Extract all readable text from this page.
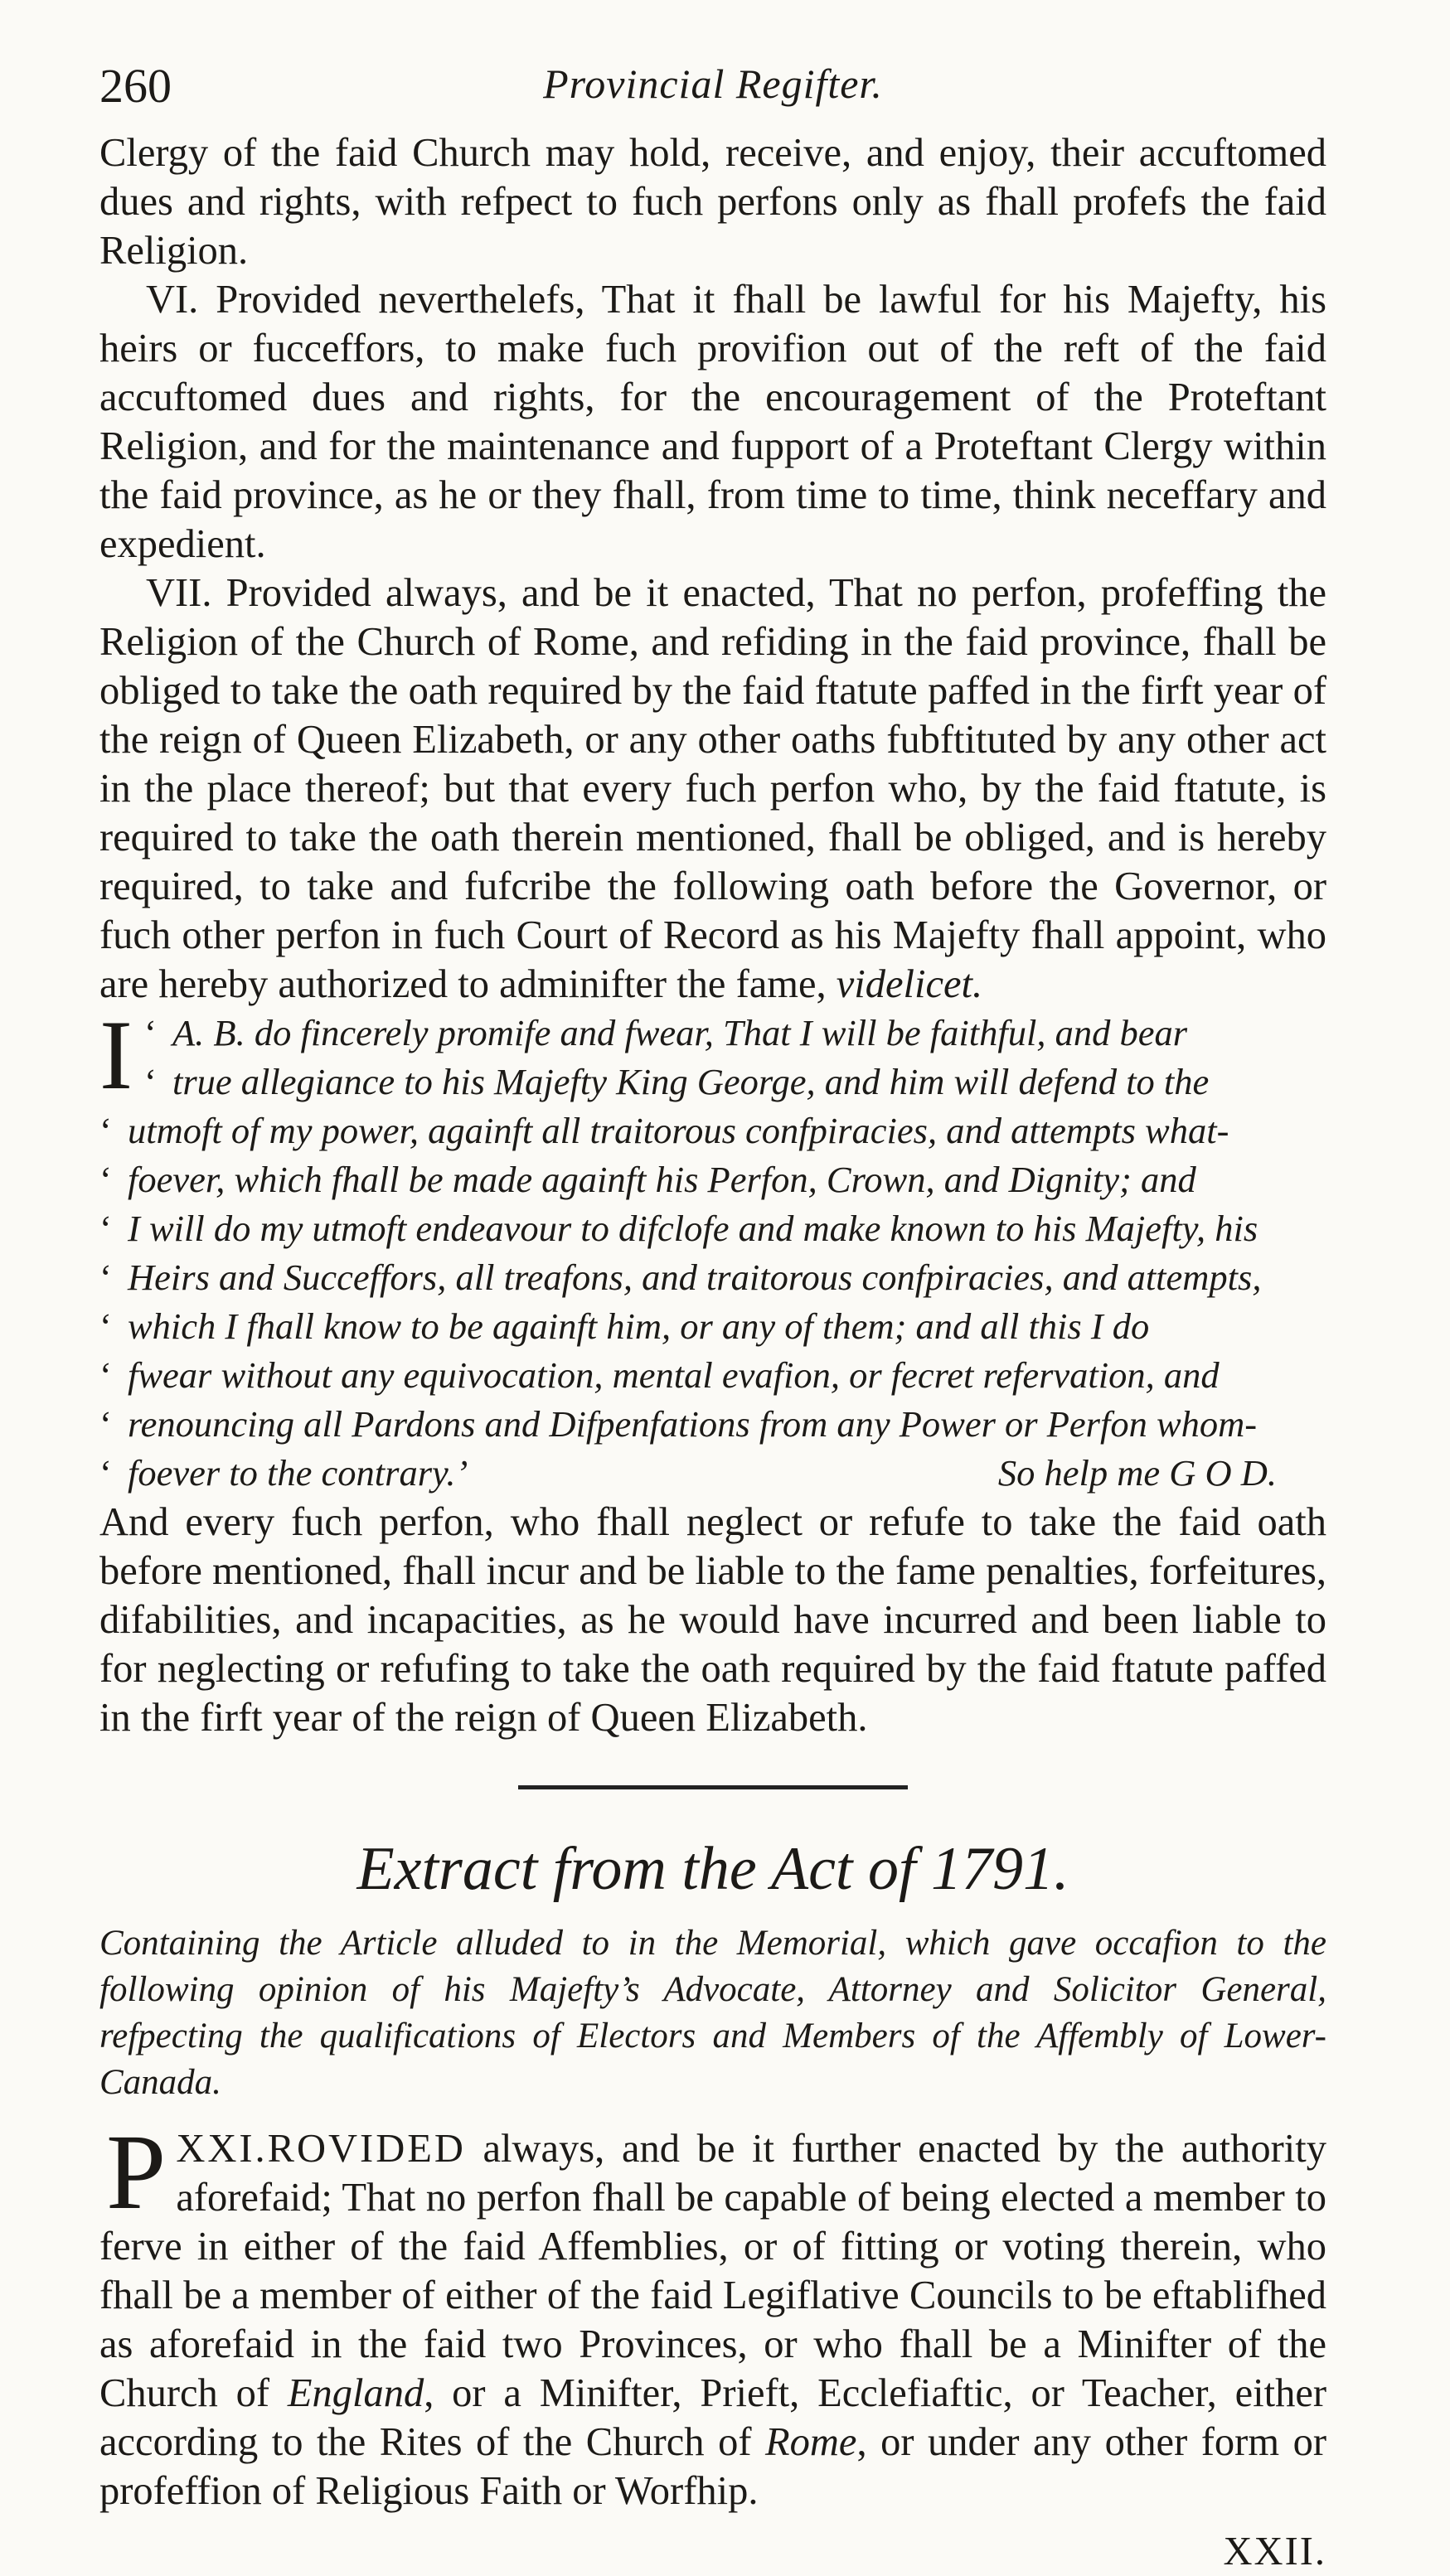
260	Provincial Regifter.

Clergy of the faid Church may hold, receive, and enjoy, their accuftomed dues and rights, with refpect to fuch perfons only as fhall profefs the faid Religion.

VI. Provided neverthelefs, That it fhall be lawful for his Majefty, his heirs or fucceffors, to make fuch provifion out of the reft of the faid accuftomed dues and rights, for the encouragement of the Proteftant Religion, and for the maintenance and fupport of a Proteftant Clergy within the faid province, as he or they fhall, from time to time, think neceffary and expedient.

VII. Provided always, and be it enacted, That no perfon, profeffing the Religion of the Church of Rome, and refiding in the faid province, fhall be obliged to take the oath required by the faid ftatute paffed in the firft year of the reign of Queen Elizabeth, or any other oaths fubftituted by any other act in the place thereof; but that every fuch perfon who, by the faid ftatute, is required to take the oath therein mentioned, fhall be obliged, and is hereby required, to take and fufcribe the following oath before the Governor, or fuch other perfon in fuch Court of Record as his Majefty fhall appoint, who are hereby authorized to adminifter the fame, videlicet.

I ‘ A. B. do fincerely promife and fwear, That I will be faithful, and bear
‘ true allegiance to his Majefty King George, and him will defend to the
‘ utmoft of my power, againft all traitorous confpiracies, and attempts what-
‘ foever, which fhall be made againft his Perfon, Crown, and Dignity; and
‘ I will do my utmoft endeavour to difclofe and make known to his Majefty, his
‘ Heirs and Succeffors, all treafons, and traitorous confpiracies, and attempts,
‘ which I fhall know to be againft him, or any of them; and all this I do
‘ fwear without any equivocation, mental evafion, or fecret refervation, and
‘ renouncing all Pardons and Difpenfations from any Power or Perfon whom-
‘ foever to the contrary.’	So help me G O D.

And every fuch perfon, who fhall neglect or refufe to take the faid oath before mentioned, fhall incur and be liable to the fame penalties, forfeitures, difabilities, and incapacities, as he would have incurred and been liable to for neglecting or refufing to take the oath required by the faid ftatute paffed in the firft year of the reign of Queen Elizabeth.

Extract from the Act of 1791.
Containing the Article alluded to in the Memorial, which gave occafion to the following opinion of his Majefty’s Advocate, Attorney and Solicitor General, refpecting the qualifications of Electors and Members of the Affembly of Lower-Canada.

XXI.
P	ROVIDED always, and be it further enacted by the authority aforefaid; That no perfon fhall be capable of being elected a member to ferve in either of the faid Affemblies, or of fitting or voting therein, who fhall be a member of either of the faid Legiflative Councils to be eftablifhed as aforefaid in the faid two Provinces, or who fhall be a Minifter of the Church of England, or a Minifter, Prieft, Ecclefiaftic, or Teacher, either according to the Rites of the Church of Rome, or under any other form or profeffion of Religious Faith or Worfhip.

XXII.
